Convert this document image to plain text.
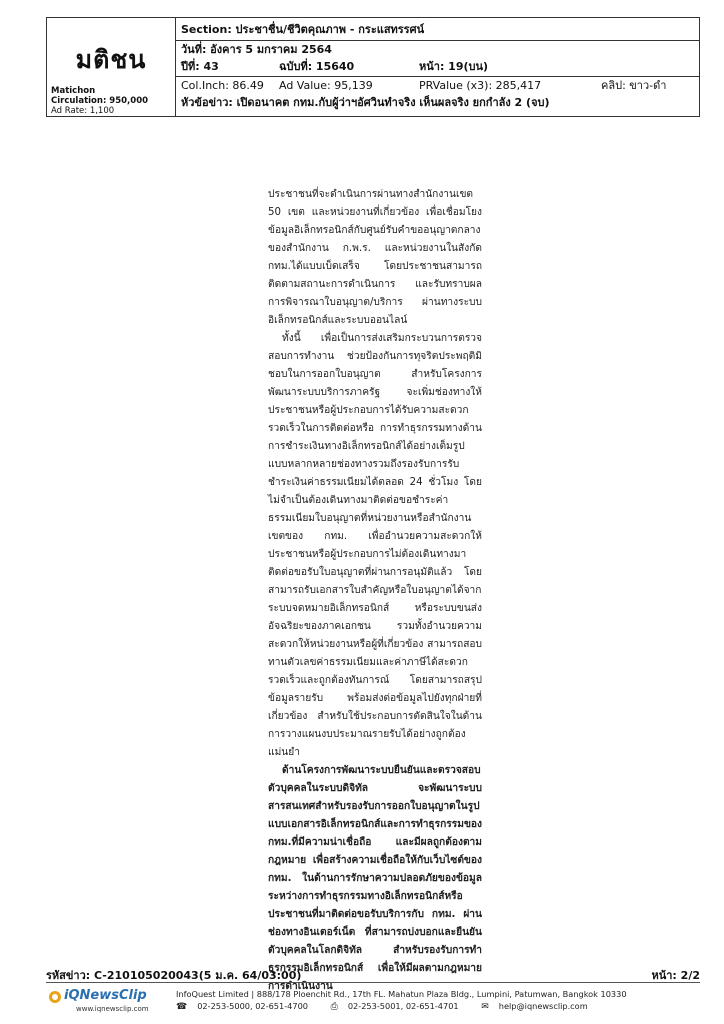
มติชน
Matichon
Circulation: 950,000
Ad Rate: 1,100
Section: ประชาชื่น/ชีวิตคุณภาพ - กระแสทรรศน์
วันที่: อังคาร 5 มกราคม 2564
ปีที่: 43	ฉบับที่: 15640	หน้า: 19(บน)
Col.Inch: 86.49 Ad Value: 95,139	PRValue (x3): 285,417	คลิป: ขาว-ดำ
หัวข้อข่าว: เปิดอนาคต กทม.กับผู้ว่าฯอัศวินทำจริง เห็นผลจริง ยกกำลัง 2 (จบ)

ประชาชนที่จะดำเนินการผ่านทางสำนักงานเขต 50 เขต และหน่วยงานที่เกี่ยวข้อง เพื่อเชื่อมโยงข้อมูลอิเล็กทรอนิกส์กับศูนย์รับคำขออนุญาตกลางของสำนักงาน ก.พ.ร. และหน่วยงานในสังกัด กทม.ได้แบบเบ็ดเสร็จ โดยประชาชนสามารถติดตามสถานะการดำเนินการ และรับทราบผลการพิจารณาใบอนุญาต/บริการ ผ่านทางระบบอิเล็กทรอนิกส์และระบบออนไลน์

ทั้งนี้ เพื่อเป็นการส่งเสริมกระบวนการตรวจสอบการทำงาน ช่วยป้องกันการทุจริตประพฤติมิชอบในการออกใบอนุญาต สำหรับโครงการพัฒนาระบบบริการภาครัฐ จะเพิ่มช่องทางให้ประชาชนหรือผู้ประกอบการได้รับความสะดวกรวดเร็วในการติดต่อหรือ การทำธุรกรรมทางด้านการชำระเงินทางอิเล็กทรอนิกส์ได้อย่างเต็มรูปแบบหลากหลายช่องทางรวมถึงรองรับการรับชำระเงินค่าธรรมเนียมได้ตลอด 24 ชั่วโมง โดยไม่จำเป็นต้องเดินทางมาติดต่อขอชำระค่าธรรมเนียมใบอนุญาตที่หน่วยงานหรือสำนักงานเขตของ กทม. เพื่ออำนวยความสะดวกให้ประชาชนหรือผู้ประกอบการไม่ต้องเดินทางมาติดต่อขอรับใบอนุญาตที่ผ่านการอนุมัติแล้ว โดยสามารถรับเอกสารใบสำคัญหรือใบอนุญาตได้จากระบบจดหมายอิเล็กทรอนิกส์ หรือระบบขนส่งอัจฉริยะของภาคเอกชน รวมทั้งอำนวยความสะดวกให้หน่วยงานหรือผู้ที่เกี่ยวข้อง สามารถสอบทานตัวเลขค่าธรรมเนียมและค่าภาษีได้สะดวกรวดเร็วและถูกต้องทันการณ์ โดยสามารถสรุปข้อมูลรายรับ พร้อมส่งต่อข้อมูลไปยังทุกฝ่ายที่เกี่ยวข้อง สำหรับใช้ประกอบการตัดสินใจในด้านการวางแผนงบประมาณรายรับได้อย่างถูกต้องแม่นยำ

ด้านโครงการพัฒนาระบบยืนยันและตรวจสอบตัวบุคคลในระบบดิจิทัล จะพัฒนาระบบสารสนเทศสำหรับรองรับการออกใบอนุญาตในรูปแบบเอกสารอิเล็กทรอนิกส์และการทำธุรกรรมของ กทม.ที่มีความน่าเชื่อถือ และมีผลถูกต้องตามกฎหมาย เพื่อสร้างความเชื่อถือให้กับเว็บไซต์ของ กทม. ในด้านการรักษาความปลอดภัยของข้อมูลระหว่างการทำธุรกรรมทางอิเล็กทรอนิกส์หรือประชาชนที่มาติดต่อขอรับบริการกับ กทม. ผ่านช่องทางอินเตอร์เน็ต ที่สามารถบ่งบอกและยืนยันตัวบุคคลในโลกดิจิทัล สำหรับรองรับการทำธุรกรรมอิเล็กทรอนิกส์ เพื่อให้มีผลตามกฎหมายการดำเนินงาน

รหัสข่าว: C-210105020043(5 ม.ค. 64/03:00)	หน้า: 2/2
iQNewsClip
www.iqnewsclip.com
InfoQuest Limited | 888/178 Ploenchit Rd., 17th FL. Mahatun Plaza Bldg., Lumpini, Patumwan, Bangkok 10330
☎ 02-253-5000, 02-651-4700	⎙ 02-253-5001, 02-651-4701	✉ help@iqnewsclip.com
